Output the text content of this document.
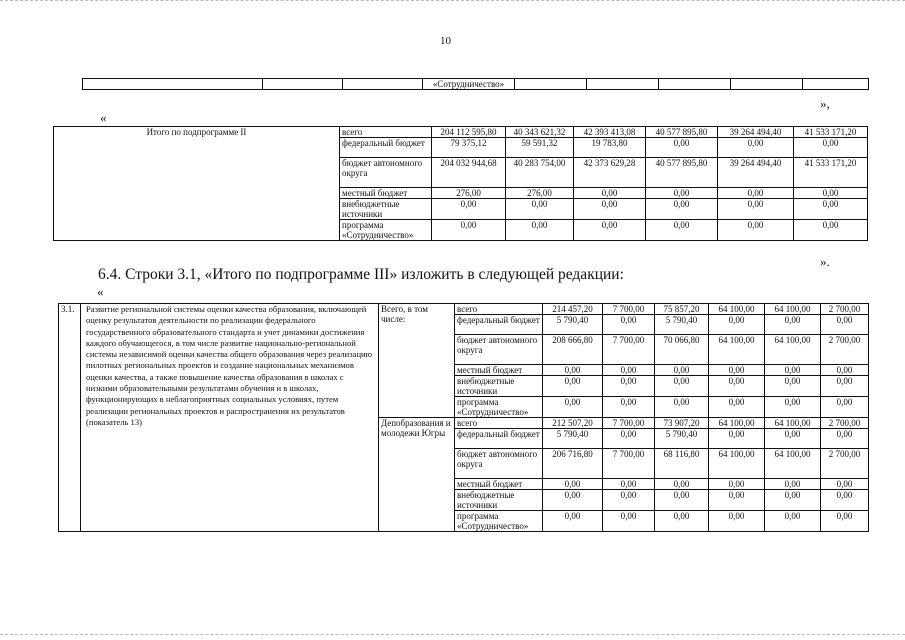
10
			«Сотрудничество»					
»,
«
Итого по подпрограмме II	всего	204 112 595,80	40 343 621,32	42 393 413,08	40 577 895,80	39 264 494,40	41 533 171,20
	федеральный бюджет	79 375,12	59 591,32	19 783,80	0,00	0,00	0,00
	бюджет автономного округа	204 032 944,68	40 283 754,00	42 373 629,28	40 577 895,80	39 264 494,40	41 533 171,20
	местный бюджет	276,00	276,00	0,00	0,00	0,00	0,00
	внебюджетные источники	0,00	0,00	0,00	0,00	0,00	0,00
	программа «Сотрудничество»	0,00	0,00	0,00	0,00	0,00	0,00
».
6.4. Строки 3.1, «Итого по подпрограмме III» изложить в следующей редакции:
«
3.1.	Развитие региональной системы оценки качества образования, включающей оценку результатов деятельности по реализации федерального государственного образовательного стандарта и учет динамики достижения каждого обучающегося, в том числе развитие национально-региональной системы независимой оценки качества общего образования через реализацию пилотных региональных проектов и создание национальных механизмов оценки качества, а также повышение качества образования в школах с низкими образовательными результатами обучения и в школах, функционирующих в неблагоприятных социальных условиях, путем реализации региональных проектов и распространения их результатов (показатель 13)	Всего, в том числе:	всего	214 457,20	7 700,00	75 857,20	64 100,00	64 100,00	2 700,00
			федеральный бюджет	5 790,40	0,00	5 790,40	0,00	0,00	0,00
			бюджет автономного округа	208 666,80	7 700,00	70 066,80	64 100,00	64 100,00	2 700,00
			местный бюджет	0,00	0,00	0,00	0,00	0,00	0,00
			внебюджетные источники	0,00	0,00	0,00	0,00	0,00	0,00
			программа «Сотрудничество»	0,00	0,00	0,00	0,00	0,00	0,00
		Депобразования и молодежи Югры	всего	212 507,20	7 700,00	73 907,20	64 100,00	64 100,00	2 700,00
			федеральный бюджет	5 790,40	0,00	5 790,40	0,00	0,00	0,00
			бюджет автономного округа	206 716,80	7 700,00	68 116,80	64 100,00	64 100,00	2 700,00
			местный бюджет	0,00	0,00	0,00	0,00	0,00	0,00
			внебюджетные источники	0,00	0,00	0,00	0,00	0,00	0,00
			программа «Сотрудничество»	0,00	0,00	0,00	0,00	0,00	0,00
